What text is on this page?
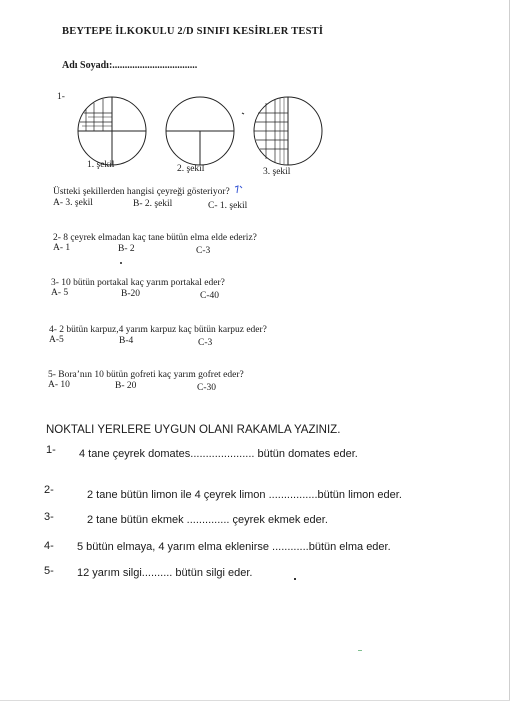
BEYTEPE İLKOKULU 2/D SINIFI KESİRLER TESTİ
Adı Soyadı:..................................
1-
1. şekil	2. şekil	3. şekil
Üstteki şekillerden hangisi çeyreği gösteriyor?
A- 3. şekil	B- 2. şekil	C- 1. şekil
2- 8 çeyrek elmadan kaç tane bütün elma elde ederiz?
A- 1	B- 2	C-3
3- 10 bütün portakal kaç yarım portakal eder?
A- 5	B-20	C-40
4- 2 bütün karpuz,4 yarım karpuz kaç bütün karpuz eder?
A-5	B-4	C-3
5- Bora’nın 10 bütün gofreti kaç yarım gofret eder?
A- 10	B- 20	C-30
NOKTALI YERLERE UYGUN OLANI RAKAMLA YAZINIZ.
1- 4 tane çeyrek domates..................... bütün domates eder.
2-	2 tane bütün limon ile 4 çeyrek limon ................bütün limon eder.
3-	2 tane bütün ekmek .............. çeyrek ekmek eder.
4- 5 bütün elmaya, 4 yarım elma eklenirse ............bütün elma eder.
5- 12 yarım silgi.......... bütün silgi eder.
